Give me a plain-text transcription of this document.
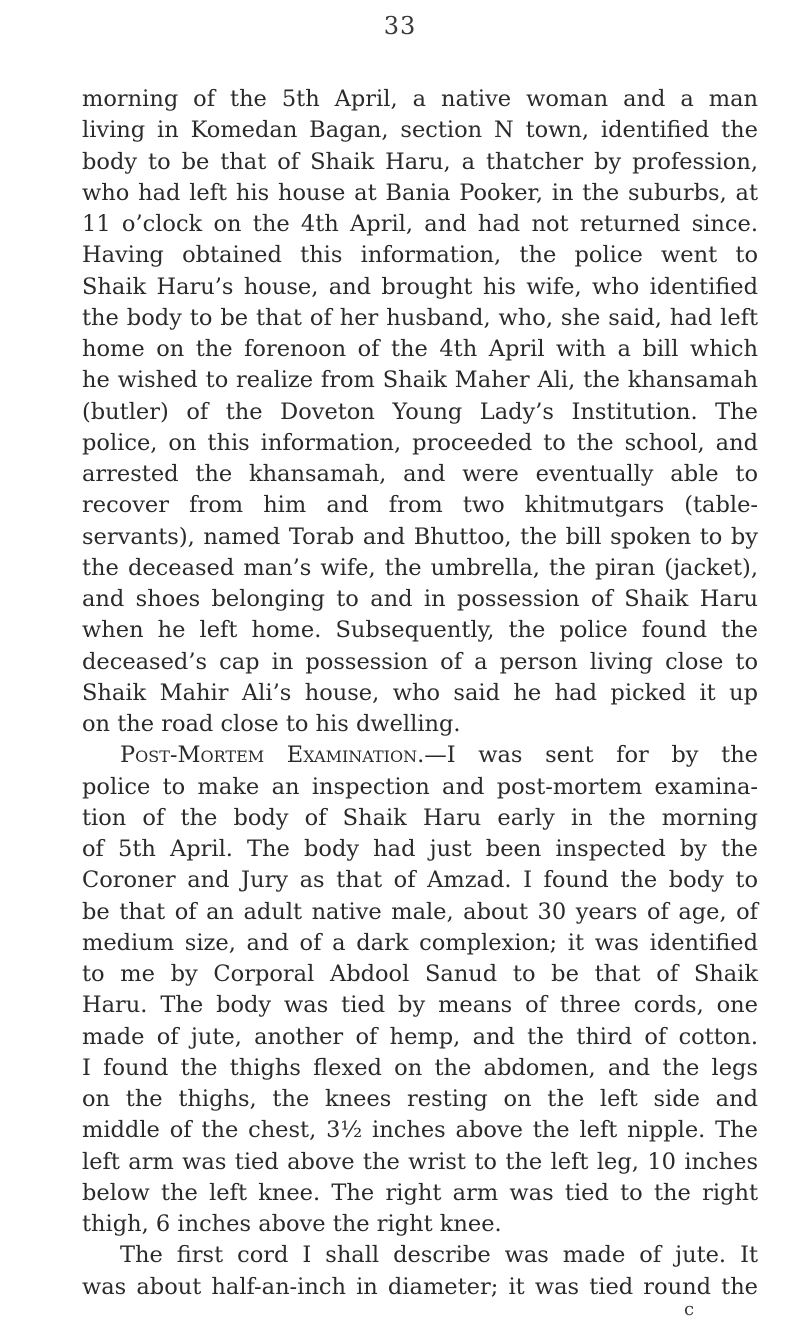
33
morning of the 5th April, a native woman and a man
living in Komedan Bagan, section N town, identified the
body to be that of Shaik Haru, a thatcher by profession,
who had left his house at Bania Pooker, in the suburbs, at
11 o’clock on the 4th April, and had not returned since.
Having obtained this information, the police went to
Shaik Haru’s house, and brought his wife, who identified
the body to be that of her husband, who, she said, had left
home on the forenoon of the 4th April with a bill which
he wished to realize from Shaik Maher Ali, the khansamah
(butler) of the Doveton Young Lady’s Institution. The
police, on this information, proceeded to the school, and
arrested the khansamah, and were eventually able to
recover from him and from two khitmutgars (table-
servants), named Torab and Bhuttoo, the bill spoken to by
the deceased man’s wife, the umbrella, the piran (jacket),
and shoes belonging to and in possession of Shaik Haru
when he left home. Subsequently, the police found the
deceased’s cap in possession of a person living close to
Shaik Mahir Ali’s house, who said he had picked it up
on the road close to his dwelling.
Post-Mortem Examination.—I was sent for by the
police to make an inspection and post-mortem examina-
tion of the body of Shaik Haru early in the morning
of 5th April. The body had just been inspected by the
Coroner and Jury as that of Amzad. I found the body to
be that of an adult native male, about 30 years of age, of
medium size, and of a dark complexion; it was identified
to me by Corporal Abdool Sanud to be that of Shaik
Haru. The body was tied by means of three cords, one
made of jute, another of hemp, and the third of cotton.
I found the thighs flexed on the abdomen, and the legs
on the thighs, the knees resting on the left side and
middle of the chest, 3½ inches above the left nipple. The
left arm was tied above the wrist to the left leg, 10 inches
below the left knee. The right arm was tied to the right
thigh, 6 inches above the right knee.
The first cord I shall describe was made of jute. It
was about half-an-inch in diameter; it was tied round the
c
